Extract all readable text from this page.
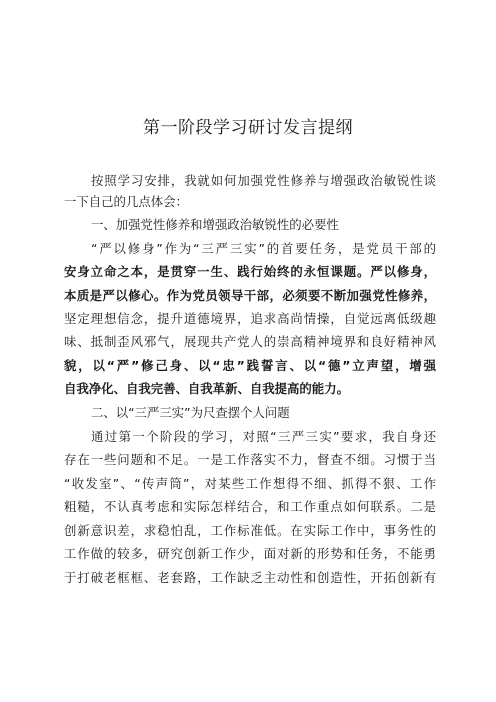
第一阶段学习研讨发言提纲
按照学习安排，我就如何加强党性修养与增强政治敏锐性谈
一下自己的几点体会：
一、加强党性修养和增强政治敏锐性的必要性
“严以修身”作为“三严三实”的首要任务，是党员干部的
安身立命之本，是贯穿一生、践行始终的永恒课题。严以修身，
本质是严以修心。作为党员领导干部，必须要不断加强党性修养，
坚定理想信念，提升道德境界，追求高尚情操，自觉远离低级趣
味、抵制歪风邪气，展现共产党人的崇高精神境界和良好精神风
貌，以“严”修己身、以“忠”践誓言、以“德”立声望，增强
自我净化、自我完善、自我革新、自我提高的能力。
二、以“三严三实”为尺查摆个人问题
通过第一个阶段的学习，对照“三严三实”要求，我自身还
存在一些问题和不足。一是工作落实不力，督查不细。习惯于当
“收发室”、“传声筒”，对某些工作想得不细、抓得不狠、工作
粗糙，不认真考虑和实际怎样结合，和工作重点如何联系。二是
创新意识差，求稳怕乱，工作标准低。在实际工作中，事务性的
工作做的较多，研究创新工作少，面对新的形势和任务，不能勇
于打破老框框、老套路，工作缺乏主动性和创造性，开拓创新有
